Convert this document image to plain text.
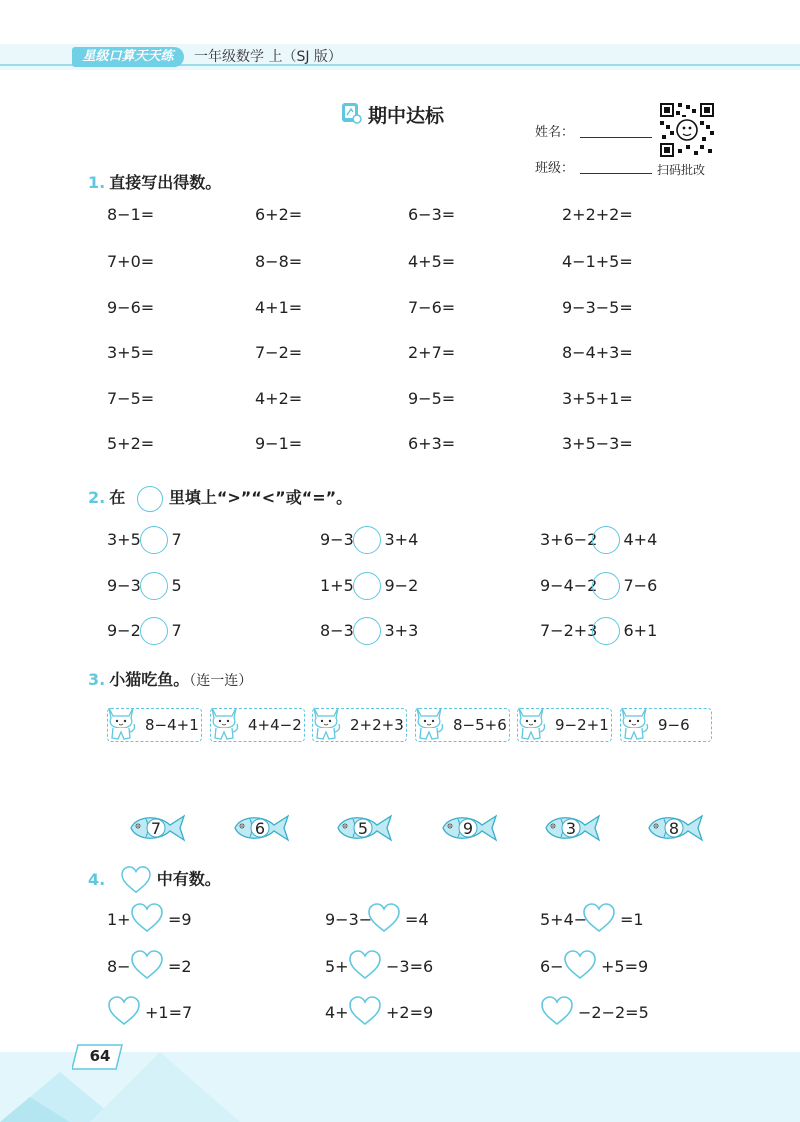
星级口算天天练	一年级数学 上（SJ 版）
期中达标
姓名：
班级：	扫码批改
1. 直接写出得数。
8−1=	6+2=	6−3=	2+2+2=
7+0=	8−8=	4+5=	4−1+5=
9−6=	4+1=	7−6=	9−3−5=
3+5=	7−2=	2+7=	8−4+3=
7−5=	4+2=	9−5=	3+5+1=
5+2=	9−1=	6+3=	3+5−3=
2. 在	里填上“>”“<”或“=”。
3+5 7	9−3 3+4	3+6−2 4+4
9−3 5	1+5 9−2	9−4−2 7−6
9−2 7	8−3 3+3	7−2+3 6+1
3. 小猫吃鱼。（连一连）
8−4+1	4+4−2	2+2+3	8−5+6	9−2+1	9−6
7	6	5	9	3	8
4.	中有数。
1+ =9	9−3− =4	5+4− =1
8− =2	5+ −3=6	6− +5=9
+1=7	4+ +2=9	−2−2=5
64
